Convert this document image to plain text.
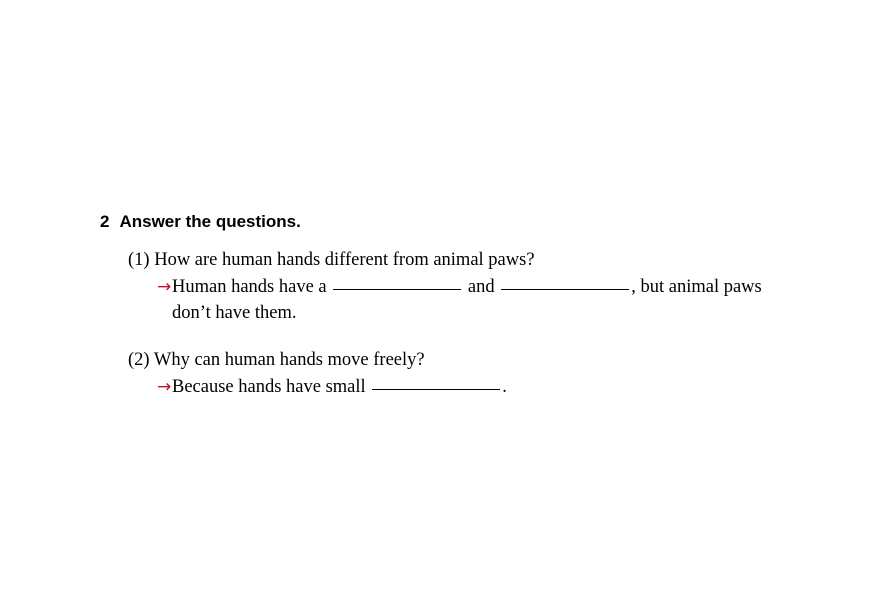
2 Answer the questions.
(1) How are human hands different from animal paws?
→ Human hands have a	and	, but animal paws don’t have them.
(2) Why can human hands move freely?
→ Because hands have small	.
